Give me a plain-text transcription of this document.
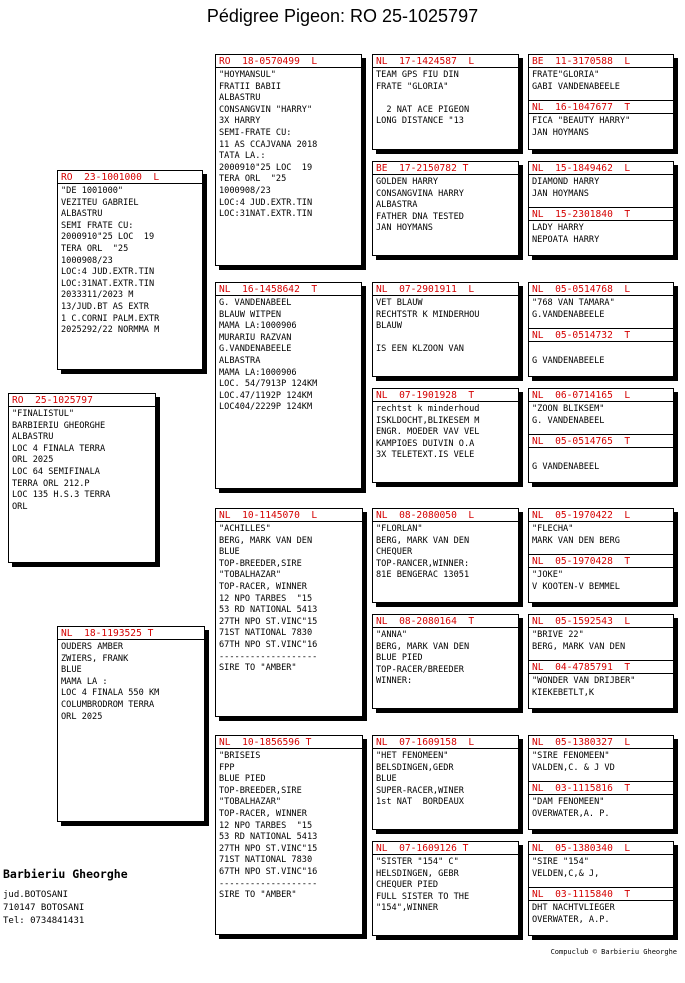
Pédigree Pigeon: RO 25-1025797
RO  25-1025797
"FINALISTUL"
BARBIERIU GHEORGHE
ALBASTRU
LOC 4 FINALA TERRA
ORL 2025
LOC 64 SEMIFINALA
TERRA ORL 212.P
LOC 135 H.S.3 TERRA
ORL
RO  23-1001000  L
"DE 1001000"
VEZITEU GABRIEL
ALBASTRU
SEMI FRATE CU:
2000910"25 LOC  19
TERA ORL  "25
1000908/23
LOC:4 JUD.EXTR.TIN
LOC:31NAT.EXTR.TIN
2033311/2023 M
13/JUD.BT AS EXTR
1 C.CORNI PALM.EXTR
2025292/22 NORMMA M
NL  18-1193525 T
OUDERS AMBER
ZWIERS, FRANK
BLUE
MAMA LA :
LOC 4 FINALA 550 KM
COLUMBRODROM TERRA
ORL 2025
RO  18-0570499  L
"HOYMANSUL"
FRATII BABII
ALBASTRU
CONSANGVIN "HARRY"
3X HARRY
SEMI-FRATE CU:
11 AS CCAJVANA 2018
TATA LA.:
2000910"25 LOC  19
TERA ORL  "25
1000908/23
LOC:4 JUD.EXTR.TIN
LOC:31NAT.EXTR.TIN
NL  16-1458642  T
G. VANDENABEEL
BLAUW WITPEN
MAMA LA:1000906
MURARIU RAZVAN
G.VANDENABEELE
ALBASTRA
MAMA LA:1000906
LOC. 54/7913P 124KM
LOC.47/1192P 124KM
LOC404/2229P 124KM
NL  10-1145070  L
"ACHILLES"
BERG, MARK VAN DEN
BLUE
TOP-BREEDER,SIRE
"TOBALHAZAR"
TOP-RACER, WINNER
12 NPO TARBES  "15
53 RD NATIONAL 5413
27TH NPO ST.VINC"15
71ST NATIONAL 7830
67TH NPO ST.VINC"16
-------------------
SIRE TO "AMBER"
NL  10-1856596 T
"BRISEIS
FPP
BLUE PIED
TOP-BREEDER,SIRE
"TOBALHAZAR"
TOP-RACER, WINNER
12 NPO TARBES  "15
53 RD NATIONAL 5413
27TH NPO ST.VINC"15
71ST NATIONAL 7830
67TH NPO ST.VINC"16
-------------------
SIRE TO "AMBER"
NL  17-1424587  L
TEAM GPS FIU DIN
FRATE "GLORIA"
2 NAT ACE PIGEON
LONG DISTANCE "13
BE  17-2150782 T
GOLDEN HARRY
CONSANGVINA HARRY
ALBASTRA
FATHER DNA TESTED
JAN HOYMANS
NL  07-2901911  L
VET BLAUW
RECHTSTR K MINDERHOU
BLAUW
IS EEN KLZOON VAN
NL  07-1901928  T
rechtst k minderhoud
ISKLDOCHT,BLIKESEM M
ENGR. MOEDER VAV VEL
KAMPIOES DUIVIN O.A
3X TELETEXT.IS VELE
NL  08-2080050  L
"FLORLAN"
BERG, MARK VAN DEN
CHEQUER
TOP-RANCER,WINNER:
81E BENGERAC 13051
NL  08-2080164  T
"ANNA"
BERG, MARK VAN DEN
BLUE PIED
TOP-RACER/BREEDER
WINNER:
NL  07-1609158  L
"HET FENOMEEN"
BELSDINGEN,GEDR
BLUE
SUPER-RACER,WINER
1st NAT  BORDEAUX
NL  07-1609126 T
"SISTER "154" C"
HELSDINGEN, GEBR
CHEQUER PIED
FULL SISTER TO THE
"154",WINNER
BE  11-3170588  L
FRATE"GLORIA"
GABI VANDENABEELE
NL  16-1047677  T
FICA "BEAUTY HARRY"
JAN HOYMANS
NL  15-1849462  L
DIAMOND HARRY
JAN HOYMANS
NL  15-2301840  T
LADY HARRY
NEPOATA HARRY
NL  05-0514768  L
"768 VAN TAMARA"
G.VANDENABEELE
NL  05-0514732  T
G VANDENABEELE
NL  06-0714165  L
"ZOON BLIKSEM"
G. VANDENABEEL
NL  05-0514765  T
G VANDENABEEL
NL  05-1970422  L
"FLECHA"
MARK VAN DEN BERG
NL  05-1970428  T
"JOKE"
V KOOTEN-V BEMMEL
NL  05-1592543  L
"BRIVE 22"
BERG, MARK VAN DEN
NL  04-4785791  T
"WONDER VAN DRIJBER"
KIEKEBETLT,K
NL  05-1380327  L
"SIRE FENOMEEN"
VALDEN,C. & J VD
NL  03-1115816  T
"DAM FENOMEEN"
OVERWATER,A. P.
NL  05-1380340  L
"SIRE "154"
VELDEN,C,& J,
NL  03-1115840  T
DHT NACHTVLIEGER
OVERWATER, A.P.
Barbieriu Gheorghe
jud.BOTOSANI
710147 BOTOSANI
Tel: 0734841431
Compuclub © Barbieriu Gheorghe
